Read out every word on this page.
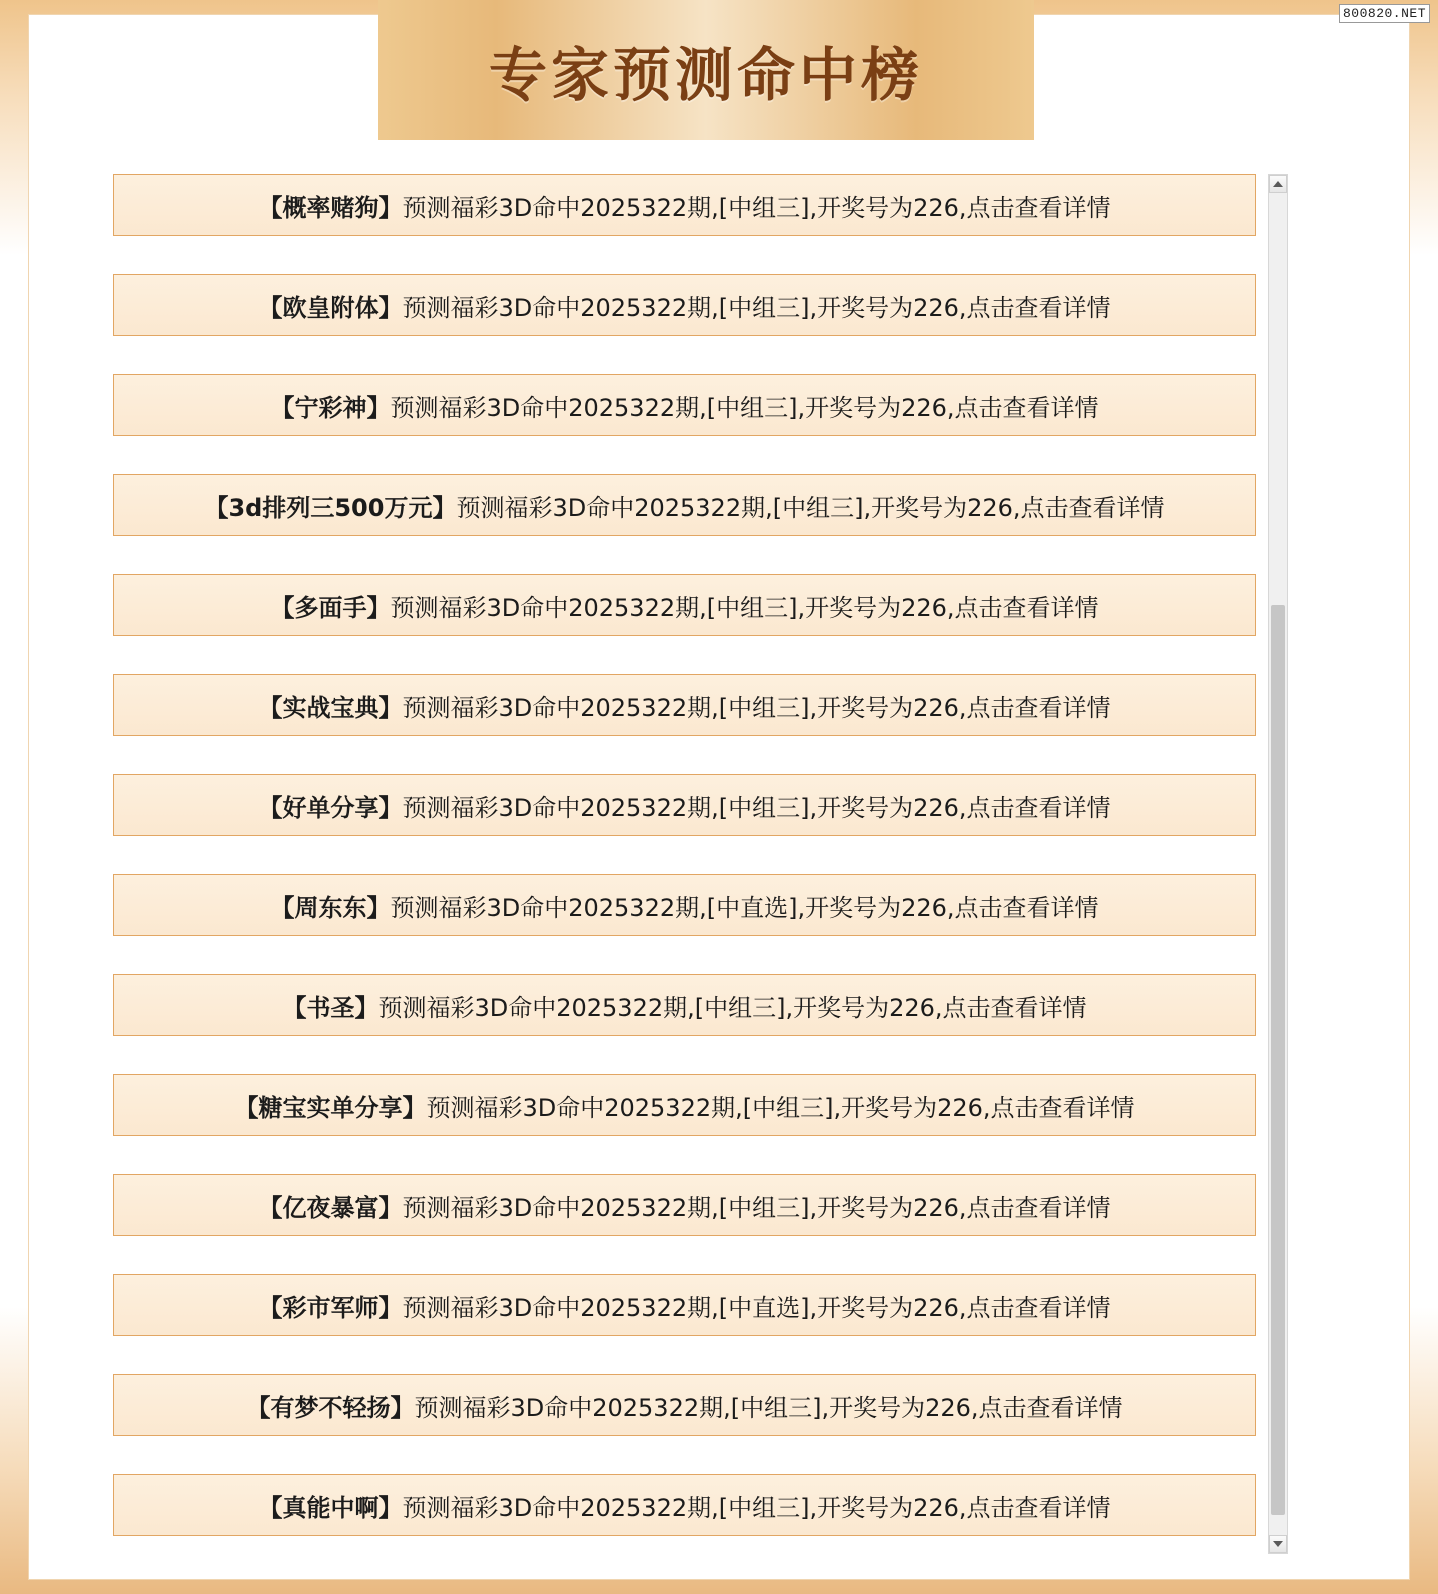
专家预测命中榜
【概率赌狗】预测福彩3D命中2025322期,[中组三],开奖号为226,点击查看详情
【欧皇附体】预测福彩3D命中2025322期,[中组三],开奖号为226,点击查看详情
【宁彩神】预测福彩3D命中2025322期,[中组三],开奖号为226,点击查看详情
【3d排列三500万元】预测福彩3D命中2025322期,[中组三],开奖号为226,点击查看详情
【多面手】预测福彩3D命中2025322期,[中组三],开奖号为226,点击查看详情
【实战宝典】预测福彩3D命中2025322期,[中组三],开奖号为226,点击查看详情
【好单分享】预测福彩3D命中2025322期,[中组三],开奖号为226,点击查看详情
【周东东】预测福彩3D命中2025322期,[中直选],开奖号为226,点击查看详情
【书圣】预测福彩3D命中2025322期,[中组三],开奖号为226,点击查看详情
【糖宝实单分享】预测福彩3D命中2025322期,[中组三],开奖号为226,点击查看详情
【亿夜暴富】预测福彩3D命中2025322期,[中组三],开奖号为226,点击查看详情
【彩市军师】预测福彩3D命中2025322期,[中直选],开奖号为226,点击查看详情
【有梦不轻扬】预测福彩3D命中2025322期,[中组三],开奖号为226,点击查看详情
【真能中啊】预测福彩3D命中2025322期,[中组三],开奖号为226,点击查看详情
800820.NET
